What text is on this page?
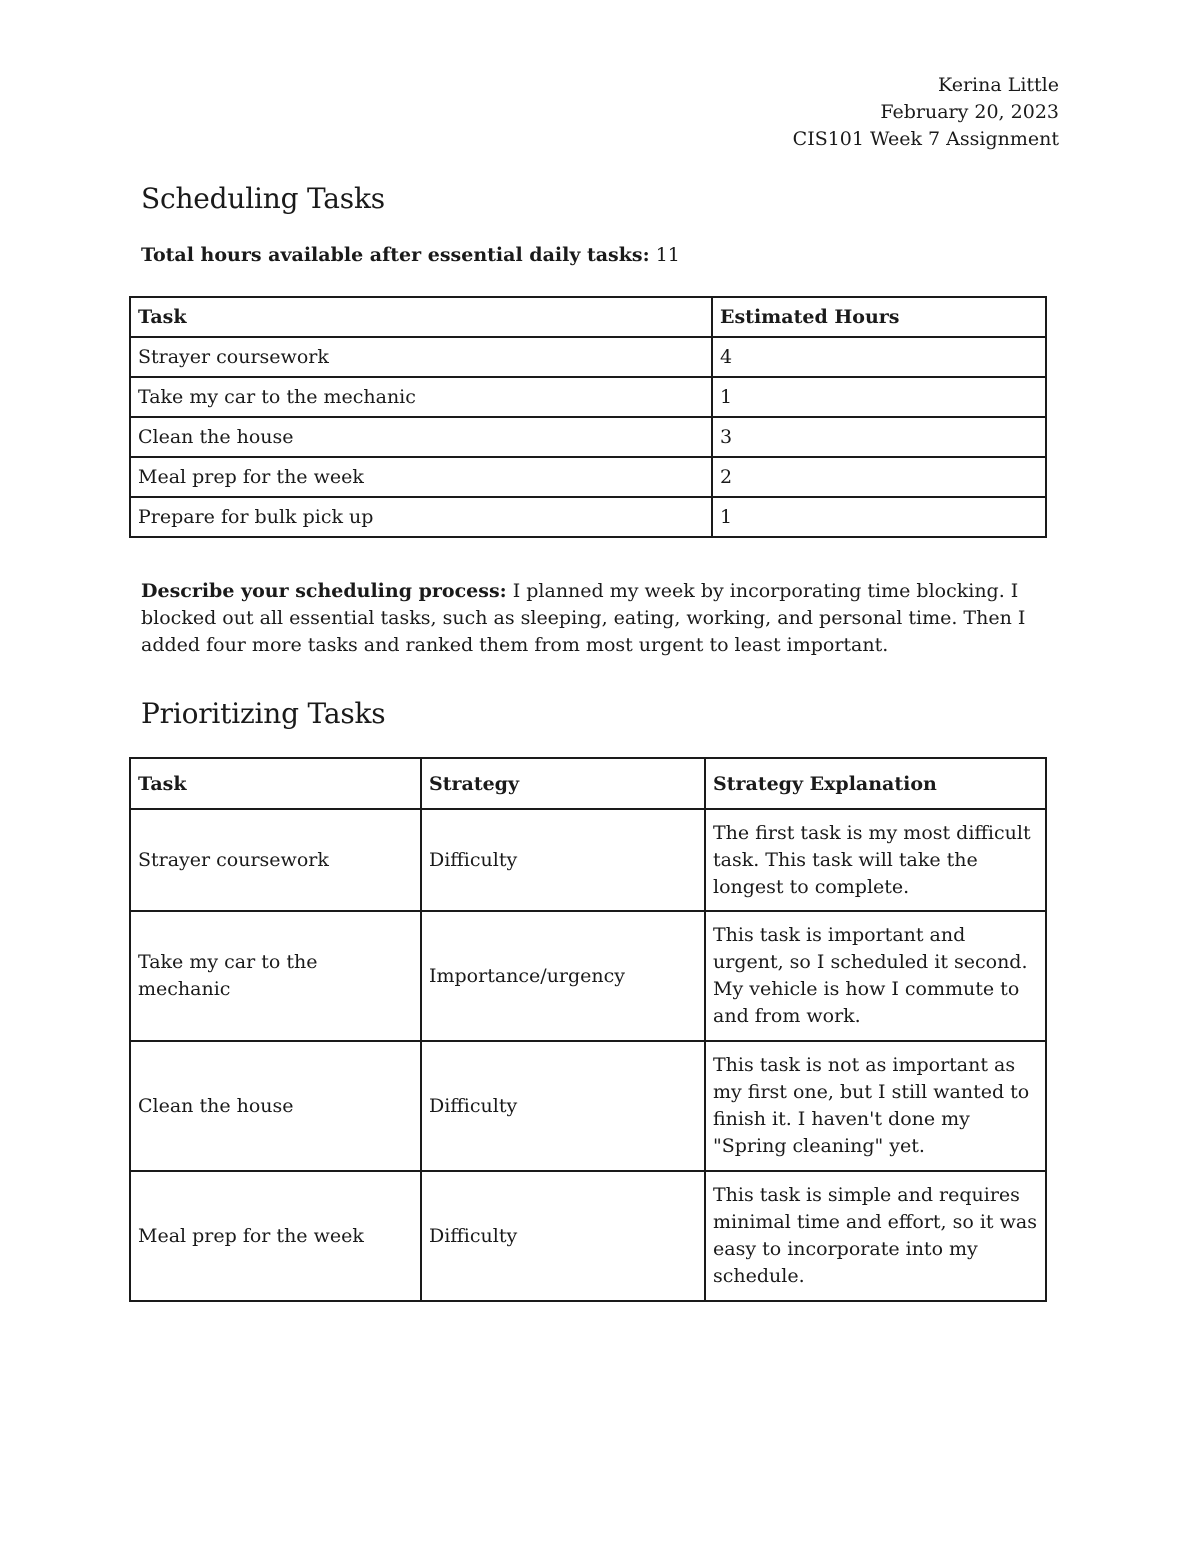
Kerina Little
February 20, 2023
CIS101 Week 7 Assignment
Scheduling Tasks
Total hours available after essential daily tasks: 11
Task	Estimated Hours
Strayer coursework	4
Take my car to the mechanic	1
Clean the house	3
Meal prep for the week	2
Prepare for bulk pick up	1
Describe your scheduling process: I planned my week by incorporating time blocking. I blocked out all essential tasks, such as sleeping, eating, working, and personal time. Then I added four more tasks and ranked them from most urgent to least important.
Prioritizing Tasks
Task	Strategy	Strategy Explanation
Strayer coursework	Difficulty	The first task is my most difficult task. This task will take the longest to complete.
Take my car to the mechanic	Importance/urgency	This task is important and urgent, so I scheduled it second. My vehicle is how I commute to and from work.
Clean the house	Difficulty	This task is not as important as my first one, but I still wanted to finish it. I haven't done my "Spring cleaning" yet.
Meal prep for the week	Difficulty	This task is simple and requires minimal time and effort, so it was easy to incorporate into my schedule.
